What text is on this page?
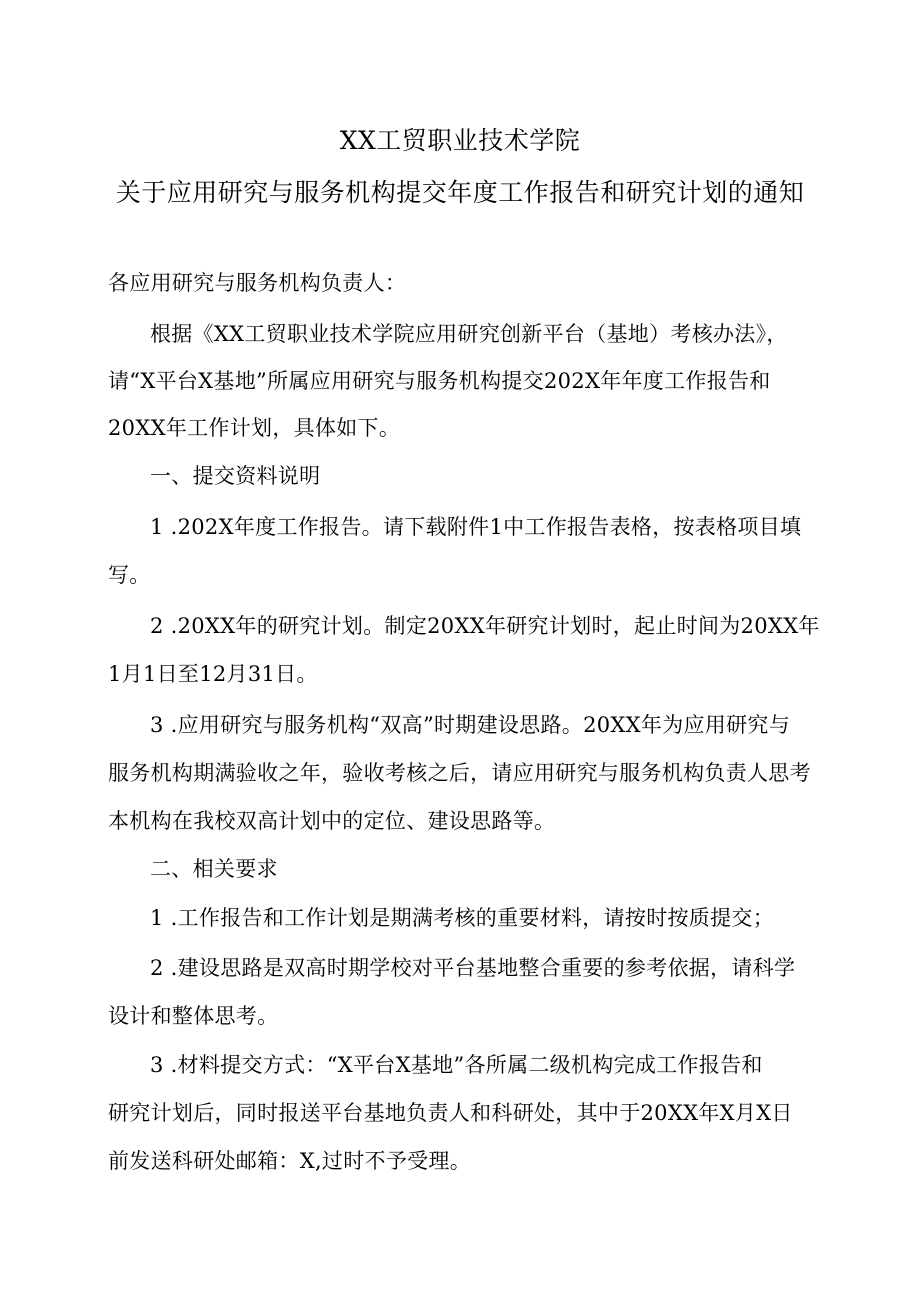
XX工贸职业技术学院
关于应用研究与服务机构提交年度工作报告和研究计划的通知
各应用研究与服务机构负责人：
根据《XX工贸职业技术学院应用研究创新平台（基地）考核办法》，
请“X平台X基地”所属应用研究与服务机构提交202X年年度工作报告和
20XX年工作计划，具体如下。
一、提交资料说明
1 .202X年度工作报告。请下载附件1中工作报告表格，按表格项目填
写。
2 .20XX年的研究计划。制定20XX年研究计划时，起止时间为20XX年
1月1日至12月31日。
3 .应用研究与服务机构“双高”时期建设思路。20XX年为应用研究与
服务机构期满验收之年，验收考核之后，请应用研究与服务机构负责人思考
本机构在我校双高计划中的定位、建设思路等。
二、相关要求
1 .工作报告和工作计划是期满考核的重要材料，请按时按质提交；
2 .建设思路是双高时期学校对平台基地整合重要的参考依据，请科学
设计和整体思考。
3 .材料提交方式：“X平台X基地”各所属二级机构完成工作报告和
研究计划后，同时报送平台基地负责人和科研处，其中于20XX年X月X日
前发送科研处邮箱：X,过时不予受理。
